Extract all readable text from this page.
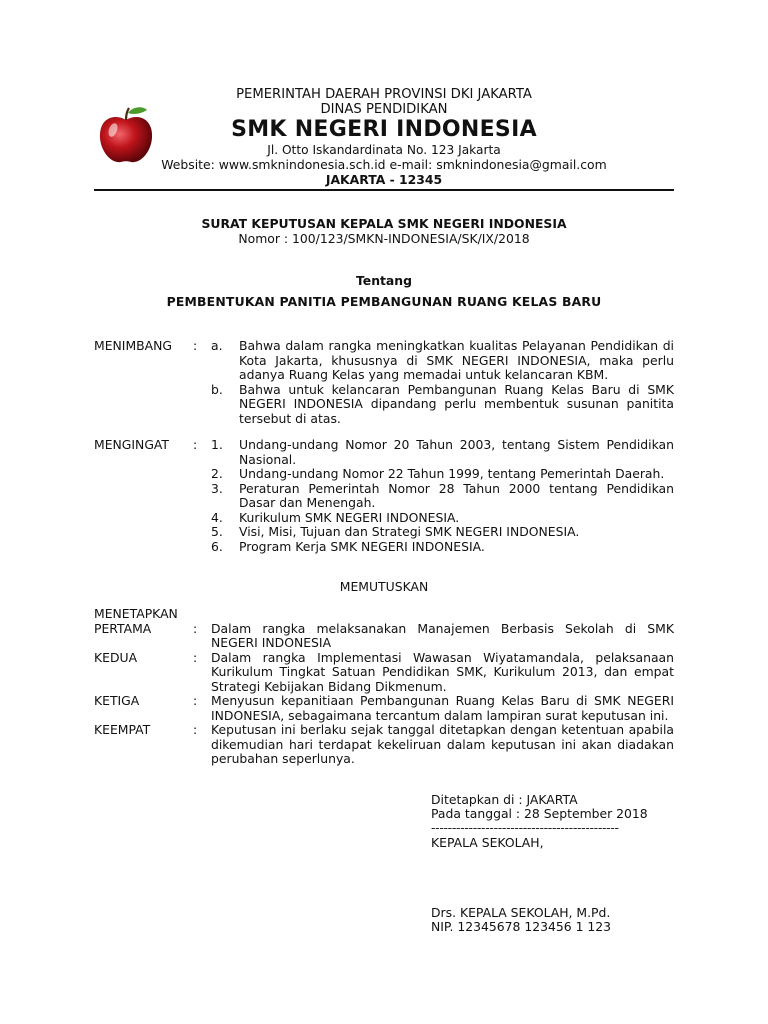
PEMERINTAH DAERAH PROVINSI DKI JAKARTA
DINAS PENDIDIKAN
SMK NEGERI INDONESIA
Jl. Otto Iskandardinata No. 123 Jakarta
Website: www.smknindonesia.sch.id e-mail: smknindonesia@gmail.com
JAKARTA - 12345
SURAT KEPUTUSAN KEPALA SMK NEGERI INDONESIA
Nomor : 100/123/SMKN-INDONESIA/SK/IX/2018
Tentang
PEMBENTUKAN PANITIA PEMBANGUNAN RUANG KELAS BARU
MENIMBANG : a. Bahwa dalam rangka meningkatkan kualitas Pelayanan Pendidikan di Kota Jakarta, khususnya di SMK NEGERI INDONESIA, maka perlu adanya Ruang Kelas yang memadai untuk kelancaran KBM.
b. Bahwa untuk kelancaran Pembangunan Ruang Kelas Baru di SMK NEGERI INDONESIA dipandang perlu membentuk susunan panitita tersebut di atas.
MENGINGAT : 1. Undang-undang Nomor 20 Tahun 2003, tentang Sistem Pendidikan Nasional.
2. Undang-undang Nomor 22 Tahun 1999, tentang Pemerintah Daerah.
3. Peraturan Pemerintah Nomor 28 Tahun 2000 tentang Pendidikan Dasar dan Menengah.
4. Kurikulum SMK NEGERI INDONESIA.
5. Visi, Misi, Tujuan dan Strategi SMK NEGERI INDONESIA.
6. Program Kerja SMK NEGERI INDONESIA.
MEMUTUSKAN
MENETAPKAN
PERTAMA	: Dalam rangka melaksanakan Manajemen Berbasis Sekolah di SMK NEGERI INDONESIA
KEDUA	: Dalam rangka Implementasi Wawasan Wiyatamandala, pelaksanaan Kurikulum Tingkat Satuan Pendidikan SMK, Kurikulum 2013, dan empat Strategi Kebijakan Bidang Dikmenum.
KETIGA	: Menyusun kepanitiaan Pembangunan Ruang Kelas Baru di SMK NEGERI INDONESIA, sebagaimana tercantum dalam lampiran surat keputusan ini.
KEEMPAT	: Keputusan ini berlaku sejak tanggal ditetapkan dengan ketentuan apabila dikemudian hari terdapat kekeliruan dalam keputusan ini akan diadakan perubahan seperlunya.
Ditetapkan di : JAKARTA
Pada tanggal : 28 September 2018
---------------------------------------------
KEPALA SEKOLAH,
Drs. KEPALA SEKOLAH, M.Pd.
NIP. 12345678 123456 1 123
